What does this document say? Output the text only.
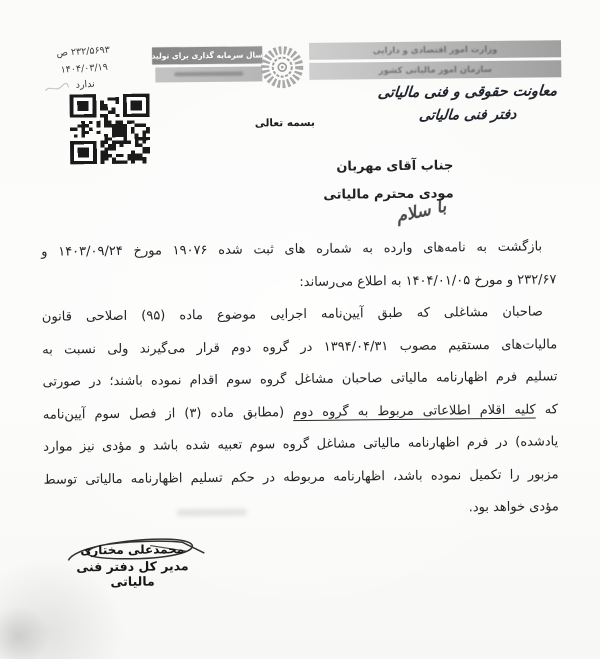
۲۳۲/۵۶۹۳ ص
۱۴۰۴/۰۳/۱۹
ندارد
سال سرمایه گذاری برای تولید	وزارت امور اقتصادی و دارایی
سازمان امور مالیاتی کشور
معاونت حقوقی و فنی مالیاتی
دفتر فنی مالیاتی
بسمه تعالی
جناب آقای مهربان
مودی محترم مالیاتی
با سلام
بازگشت به نامه‌های وارده به شماره های ثبت شده ۱۹۰۷۶ مورخ ۱۴۰۳/۰۹/۲۴ و
۲۳۲/۶۷ و مورخ ۱۴۰۴/۰۱/۰۵ به اطلاع می‌رساند:
صاحبان مشاغلی که طبق آیین‌نامه اجرایی موضوع ماده (۹۵) اصلاحی قانون
مالیات‌های مستقیم مصوب ۱۳۹۴/۰۴/۳۱ در گروه دوم قرار می‌گیرند ولی نسبت به
تسلیم فرم اظهارنامه مالیاتی صاحبان مشاغل گروه سوم اقدام نموده باشند؛ در صورتی
که کلیه اقلام اطلاعاتی مربوط به گروه دوم (مطابق ماده (۳) از فصل سوم آیین‌نامه
یادشده) در فرم اظهارنامه مالیاتی مشاغل گروه سوم تعبیه شده باشد و مؤدی نیز موارد
مزبور را تکمیل نموده باشد، اظهارنامه مربوطه در حکم تسلیم اظهارنامه مالیاتی توسط
مؤدی خواهد بود.
محمدعلی مختاری
مدیر کل دفتر فنی مالیاتی
